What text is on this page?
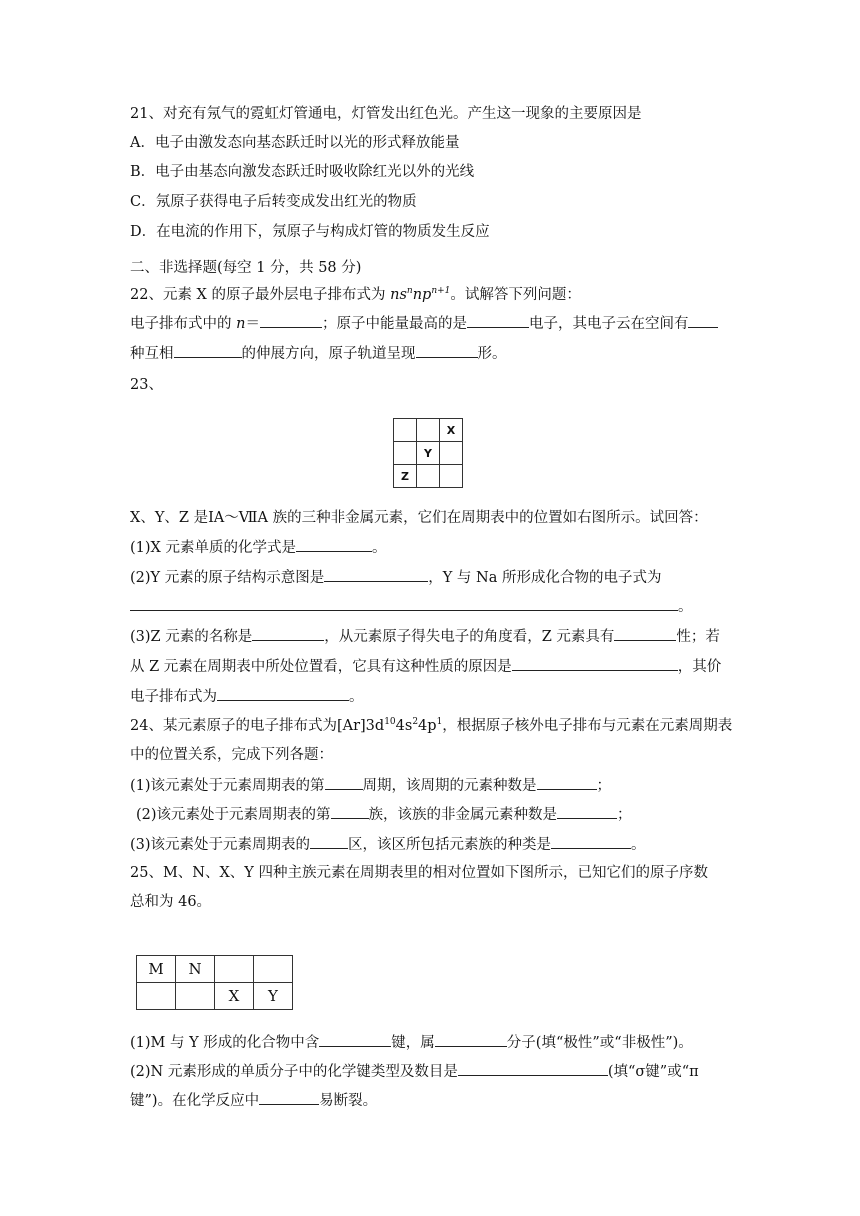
21、对充有氖气的霓虹灯管通电，灯管发出红色光。产生这一现象的主要原因是
A．电子由激发态向基态跃迁时以光的形式释放能量
B．电子由基态向激发态跃迁时吸收除红光以外的光线
C．氖原子获得电子后转变成发出红光的物质
D．在电流的作用下，氖原子与构成灯管的物质发生反应
二、非选择题(每空 1 分，共 58 分)
22、元素 X 的原子最外层电子排布式为 $ns^nnp^{n+1}$。试解答下列问题：
电子排布式中的 n＝	；原子中能量最高的是	电子，其电子云在空间有
种互相	的伸展方向，原子轨道呈现	形。
23、
		X
	Y	
Z		
X、Y、Z 是ⅠA～ⅦA 族的三种非金属元素，它们在周期表中的位置如右图所示。试回答：
(1)X 元素单质的化学式是	。
(2)Y 元素的原子结构示意图是	，Y 与 Na 所形成化合物的电子式为
。
(3)Z 元素的名称是	，从元素原子得失电子的角度看，Z 元素具有	性；若
从 Z 元素在周期表中所处位置看，它具有这种性质的原因是	，其价
电子排布式为	。
24、某元素原子的电子排布式为$[Ar]3d^{10}4s^24p^1$，根据原子核外电子排布与元素在元素周期表
中的位置关系，完成下列各题：
(1)该元素处于元素周期表的第	周期，该周期的元素种数是	；
(2)该元素处于元素周期表的第	族，该族的非金属元素种数是	；
(3)该元素处于元素周期表的	区，该区所包括元素族的种类是	。
25、M、N、X、Y 四种主族元素在周期表里的相对位置如下图所示，已知它们的原子序数
总和为 46。
M	N		
		X	Y
(1)M 与 Y 形成的化合物中含	键，属	分子(填“极性”或“非极性”)。
(2)N 元素形成的单质分子中的化学键类型及数目是	(填“σ键”或“π
键”)。在化学反应中	易断裂。
